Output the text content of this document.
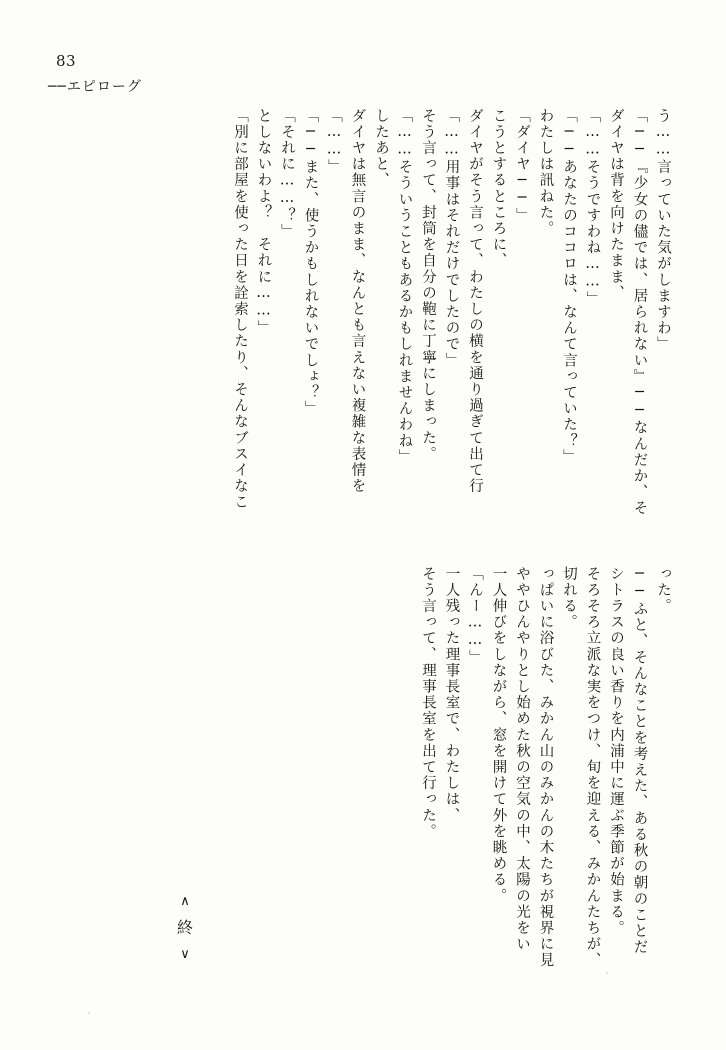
83
──エピローグ
「別に部屋を使った日を詮索したり、そんなブスイなこ としないわよ？　それに……」 「それに……？」 「──また、使うかもしれないでしょ？」 「……」 ダイヤは無言のまま、なんとも言えない複雑な表情を したあと、 「……そういうこともあるかもしれませんわね」 そう言って、封筒を自分の鞄に丁寧にしまった。 「……用事はそれだけでしたので」 ダイヤがそう言って、わたしの横を通り過ぎて出て行 こうとするところに、 「ダイヤ──」 わたしは訊ねた。 「──あなたのココロは、なんて言っていた？」 「……そうですわね……」 ダイヤは背を向けたまま、 「──『少女の儘では、居られない』──なんだか、そ う……言っていた気がしますわ」
そう言って、理事長室を出て行った。 一人残った理事長室で、わたしは、 「んー……」 一人伸びをしながら、窓を開けて外を眺める。 ややひんやりとし始めた秋の空気の中、太陽の光をい っぱいに浴びた、みかん山のみかんの木たちが視界に見 切れる。 そろそろ立派な実をつけ、旬を迎える、みかんたちが、 シトラスの良い香りを内浦中に運ぶ季節が始まる。 ──ふと、そんなことを考えた、ある秋の朝のことだ った。
∧
終
∨
